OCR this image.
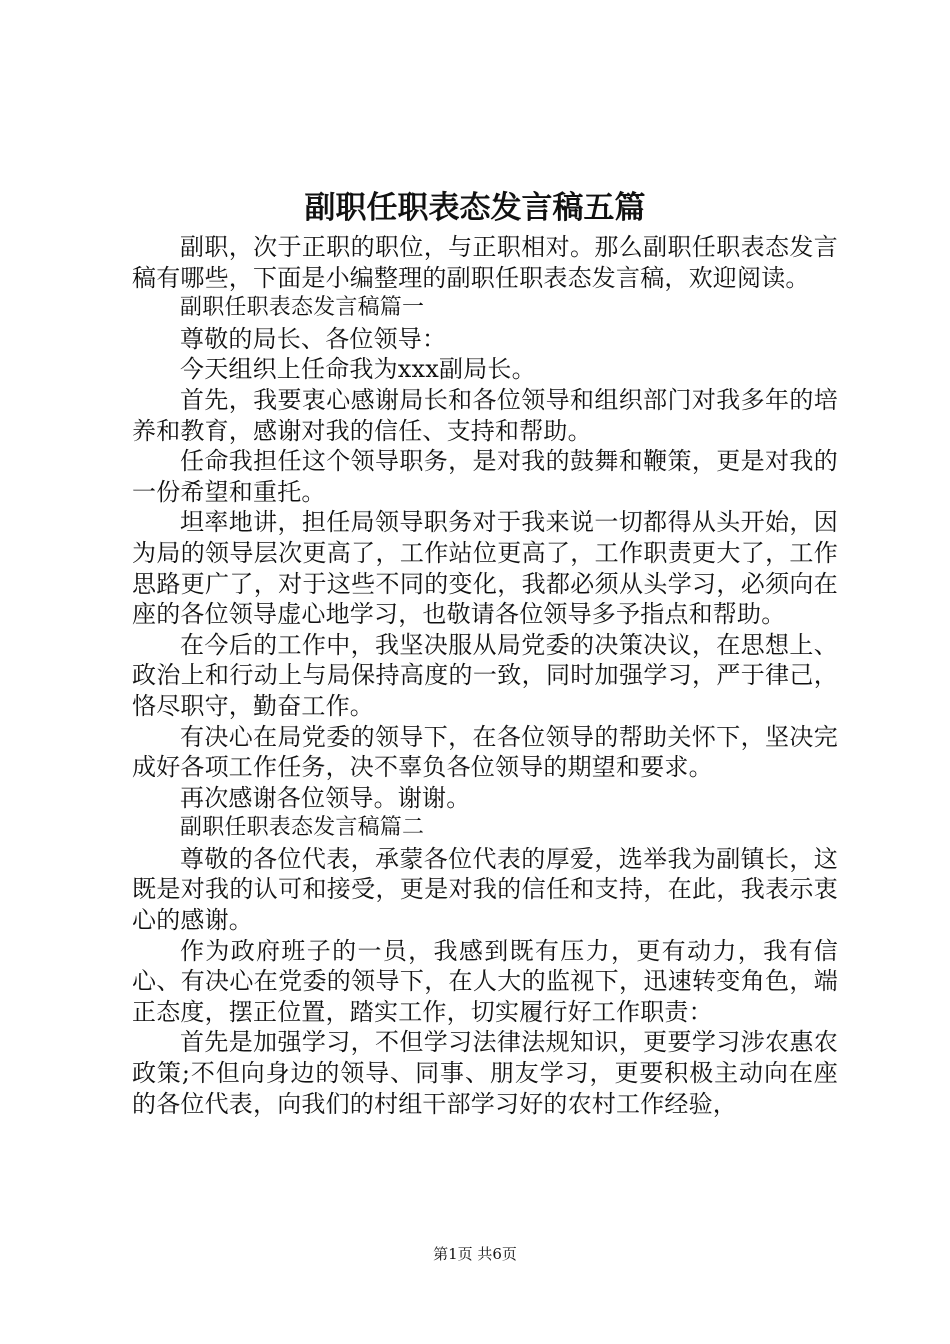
副职任职表态发言稿五篇

副职，次于正职的职位，与正职相对。那么副职任职表态发言稿有哪些，下面是小编整理的副职任职表态发言稿，欢迎阅读。

副职任职表态发言稿篇一

尊敬的局长、各位领导：

今天组织上任命我为xxx副局长。

首先，我要衷心感谢局长和各位领导和组织部门对我多年的培养和教育，感谢对我的信任、支持和帮助。

任命我担任这个领导职务，是对我的鼓舞和鞭策，更是对我的一份希望和重托。

坦率地讲，担任局领导职务对于我来说一切都得从头开始，因为局的领导层次更高了，工作站位更高了，工作职责更大了，工作思路更广了，对于这些不同的变化，我都必须从头学习，必须向在座的各位领导虚心地学习，也敬请各位领导多予指点和帮助。

在今后的工作中，我坚决服从局党委的决策决议，在思想上、政治上和行动上与局保持高度的一致，同时加强学习，严于律己，恪尽职守，勤奋工作。

有决心在局党委的领导下，在各位领导的帮助关怀下，坚决完成好各项工作任务，决不辜负各位领导的期望和要求。

再次感谢各位领导。谢谢。

副职任职表态发言稿篇二

尊敬的各位代表，承蒙各位代表的厚爱，选举我为副镇长，这既是对我的认可和接受，更是对我的信任和支持，在此，我表示衷心的感谢。

作为政府班子的一员，我感到既有压力，更有动力，我有信心、有决心在党委的领导下，在人大的监视下，迅速转变角色，端正态度，摆正位置，踏实工作，切实履行好工作职责：

首先是加强学习，不但学习法律法规知识，更要学习涉农惠农政策;不但向身边的领导、同事、朋友学习，更要积极主动向在座的各位代表，向我们的村组干部学习好的农村工作经验，

第1页 共6页
